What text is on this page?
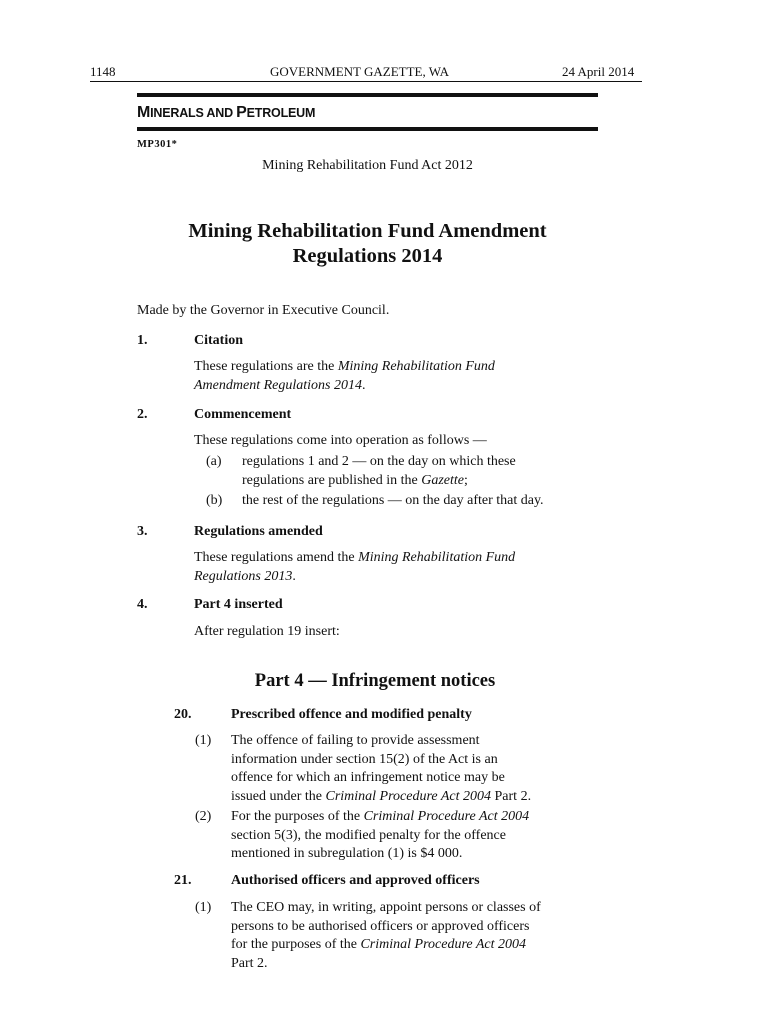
1148	GOVERNMENT GAZETTE, WA	24 April 2014
MINERALS AND PETROLEUM
MP301*
Mining Rehabilitation Fund Act 2012
Mining Rehabilitation Fund Amendment
Regulations 2014
Made by the Governor in Executive Council.
1.	Citation
These regulations are the Mining Rehabilitation Fund
Amendment Regulations 2014.
2.	Commencement
These regulations come into operation as follows —
(a) regulations 1 and 2 — on the day on which these
regulations are published in the Gazette;
(b) the rest of the regulations — on the day after that day.
3.	Regulations amended
These regulations amend the Mining Rehabilitation Fund
Regulations 2013.
4.	Part 4 inserted
After regulation 19 insert:
Part 4 — Infringement notices
20.	Prescribed offence and modified penalty
(1) The offence of failing to provide assessment
information under section 15(2) of the Act is an
offence for which an infringement notice may be
issued under the Criminal Procedure Act 2004 Part 2.
(2) For the purposes of the Criminal Procedure Act 2004
section 5(3), the modified penalty for the offence
mentioned in subregulation (1) is $4 000.
21.	Authorised officers and approved officers
(1) The CEO may, in writing, appoint persons or classes of
persons to be authorised officers or approved officers
for the purposes of the Criminal Procedure Act 2004
Part 2.
